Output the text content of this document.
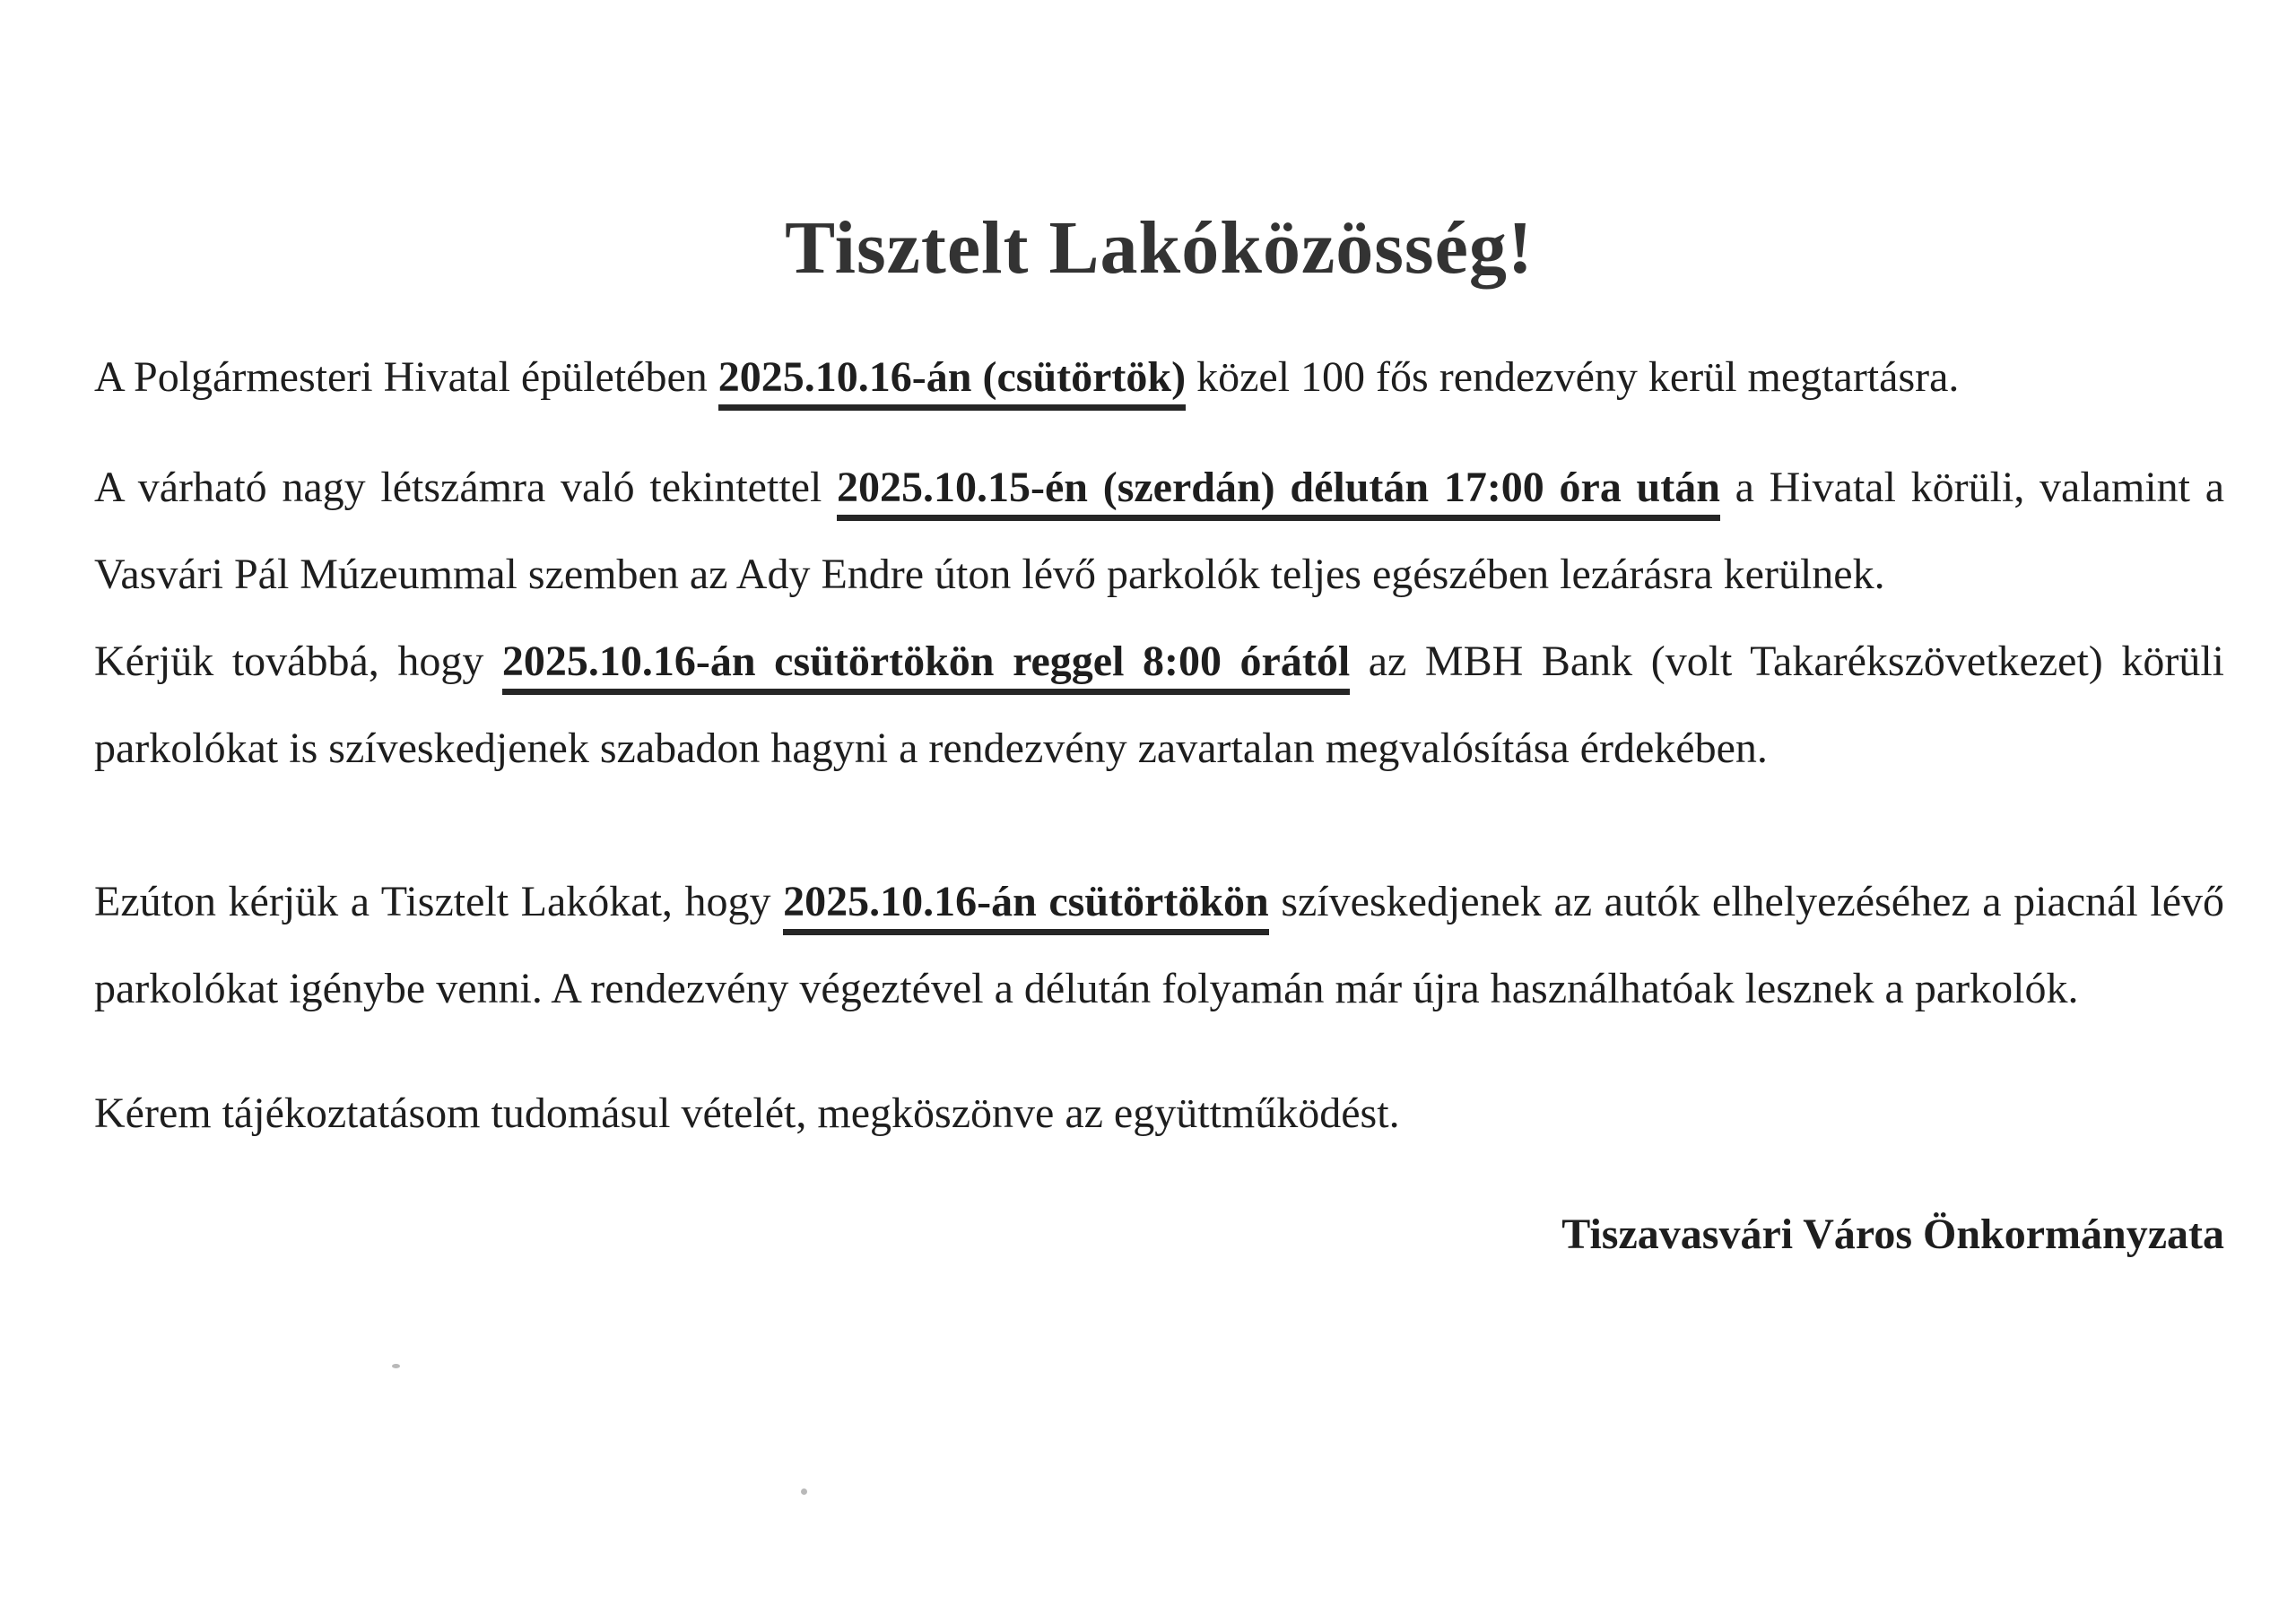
Tisztelt Lakóközösség!

A Polgármesteri Hivatal épületében 2025.10.16-án (csütörtök) közel 100 fős rendezvény kerül megtartásra.

A várható nagy létszámra való tekintettel 2025.10.15-én (szerdán) délután 17:00 óra után a Hivatal körüli, valamint a Vasvári Pál Múzeummal szemben az Ady Endre úton lévő parkolók teljes egészében lezárásra kerülnek.

Kérjük továbbá, hogy 2025.10.16-án csütörtökön reggel 8:00 órától az MBH Bank (volt Takarékszövetkezet) körüli parkolókat is szíveskedjenek szabadon hagyni a rendezvény zavartalan megvalósítása érdekében.

Ezúton kérjük a Tisztelt Lakókat, hogy 2025.10.16-án csütörtökön szíveskedjenek az autók elhelyezéséhez a piacnál lévő parkolókat igénybe venni. A rendezvény végeztével a délután folyamán már újra használhatóak lesznek a parkolók.

Kérem tájékoztatásom tudomásul vételét, megköszönve az együttműködést.

Tiszavasvári Város Önkormányzata
